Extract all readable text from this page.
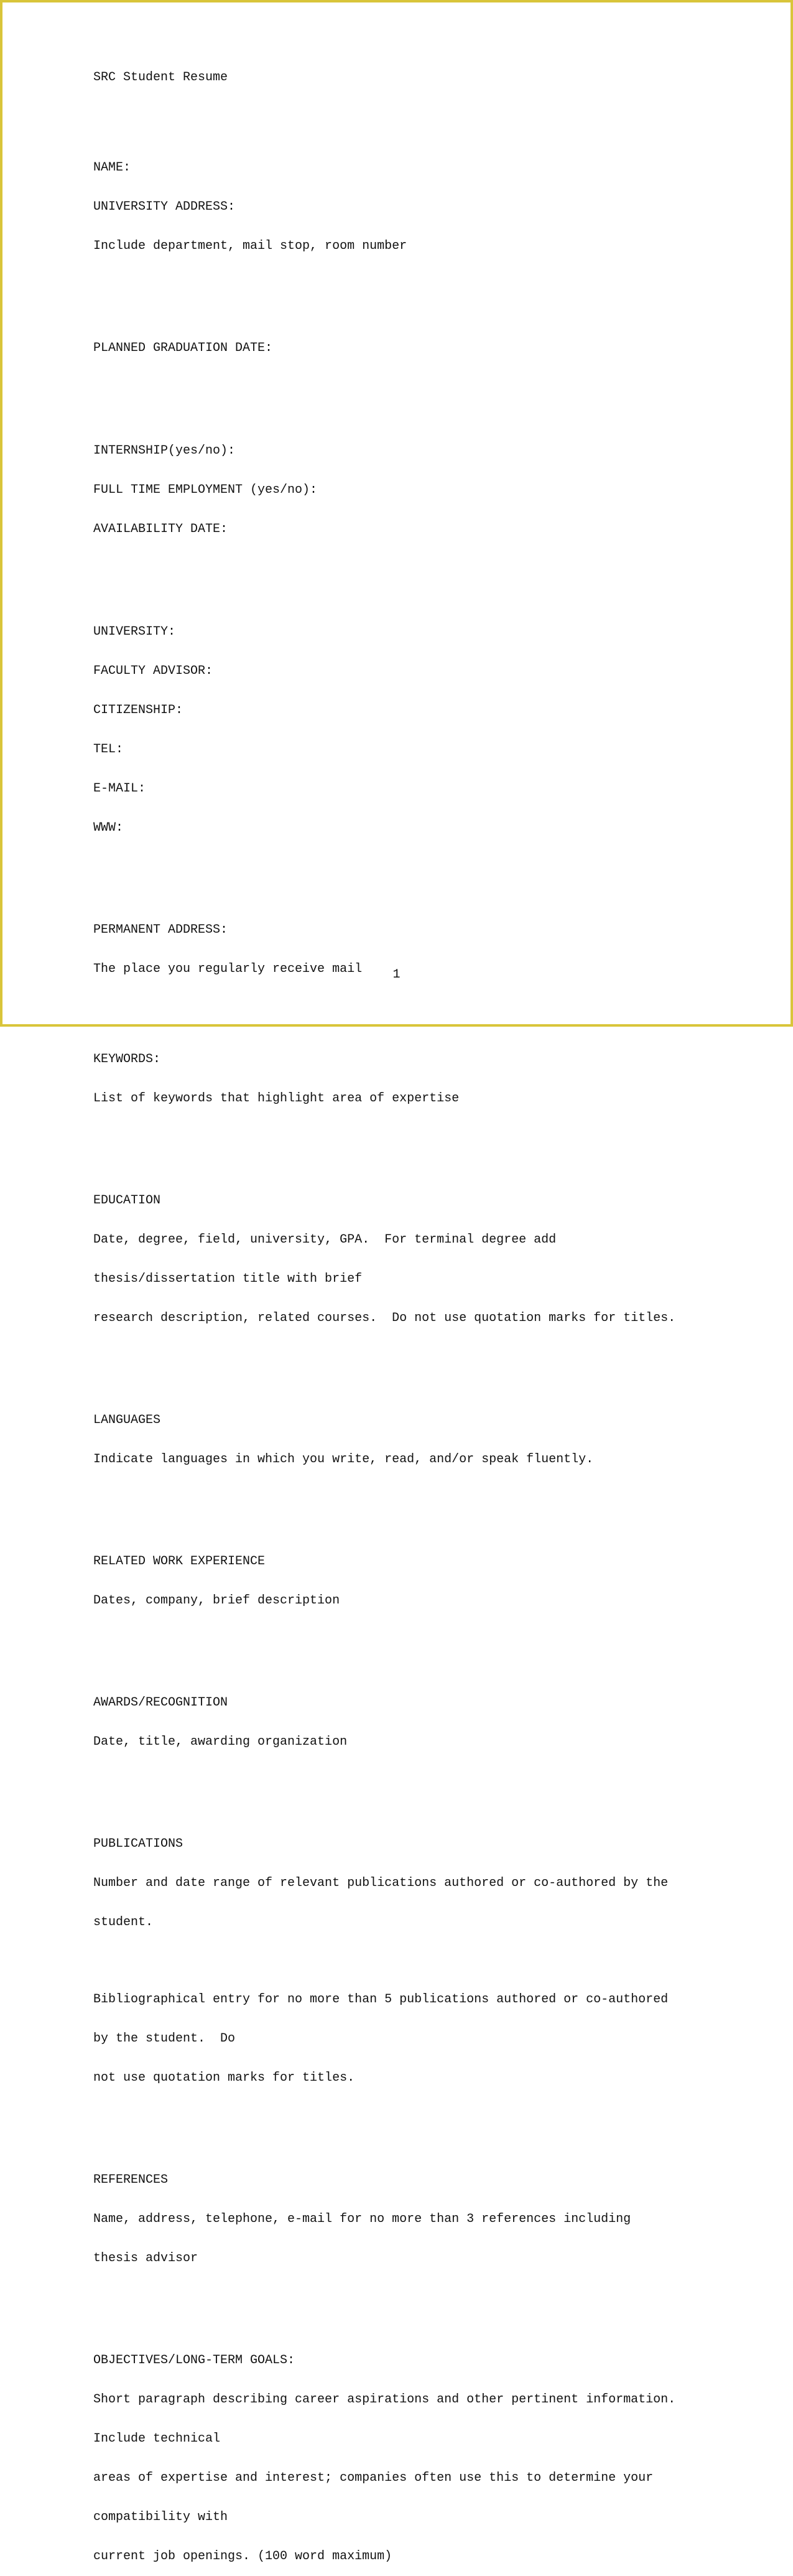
SRC Student Resume

NAME:

UNIVERSITY ADDRESS:

Include department, mail stop, room number

PLANNED GRADUATION DATE:

INTERNSHIP(yes/no):

FULL TIME EMPLOYMENT (yes/no):

AVAILABILITY DATE:

UNIVERSITY:

FACULTY ADVISOR:

CITIZENSHIP:

TEL:

E-MAIL:

WWW:

PERMANENT ADDRESS:

The place you regularly receive mail

KEYWORDS:

List of keywords that highlight area of expertise

EDUCATION

Date, degree, field, university, GPA.  For terminal degree add

thesis/dissertation title with brief

research description, related courses.  Do not use quotation marks for titles.

LANGUAGES

Indicate languages in which you write, read, and/or speak fluently.

RELATED WORK EXPERIENCE

Dates, company, brief description

AWARDS/RECOGNITION

Date, title, awarding organization

PUBLICATIONS

Number and date range of relevant publications authored or co-authored by the

student.

Bibliographical entry for no more than 5 publications authored or co-authored

by the student.  Do

not use quotation marks for titles.

REFERENCES

Name, address, telephone, e-mail for no more than 3 references including

thesis advisor

OBJECTIVES/LONG-TERM GOALS:

Short paragraph describing career aspirations and other pertinent information.

Include technical

areas of expertise and interest; companies often use this to determine your

compatibility with

current job openings. (100 word maximum)

1
